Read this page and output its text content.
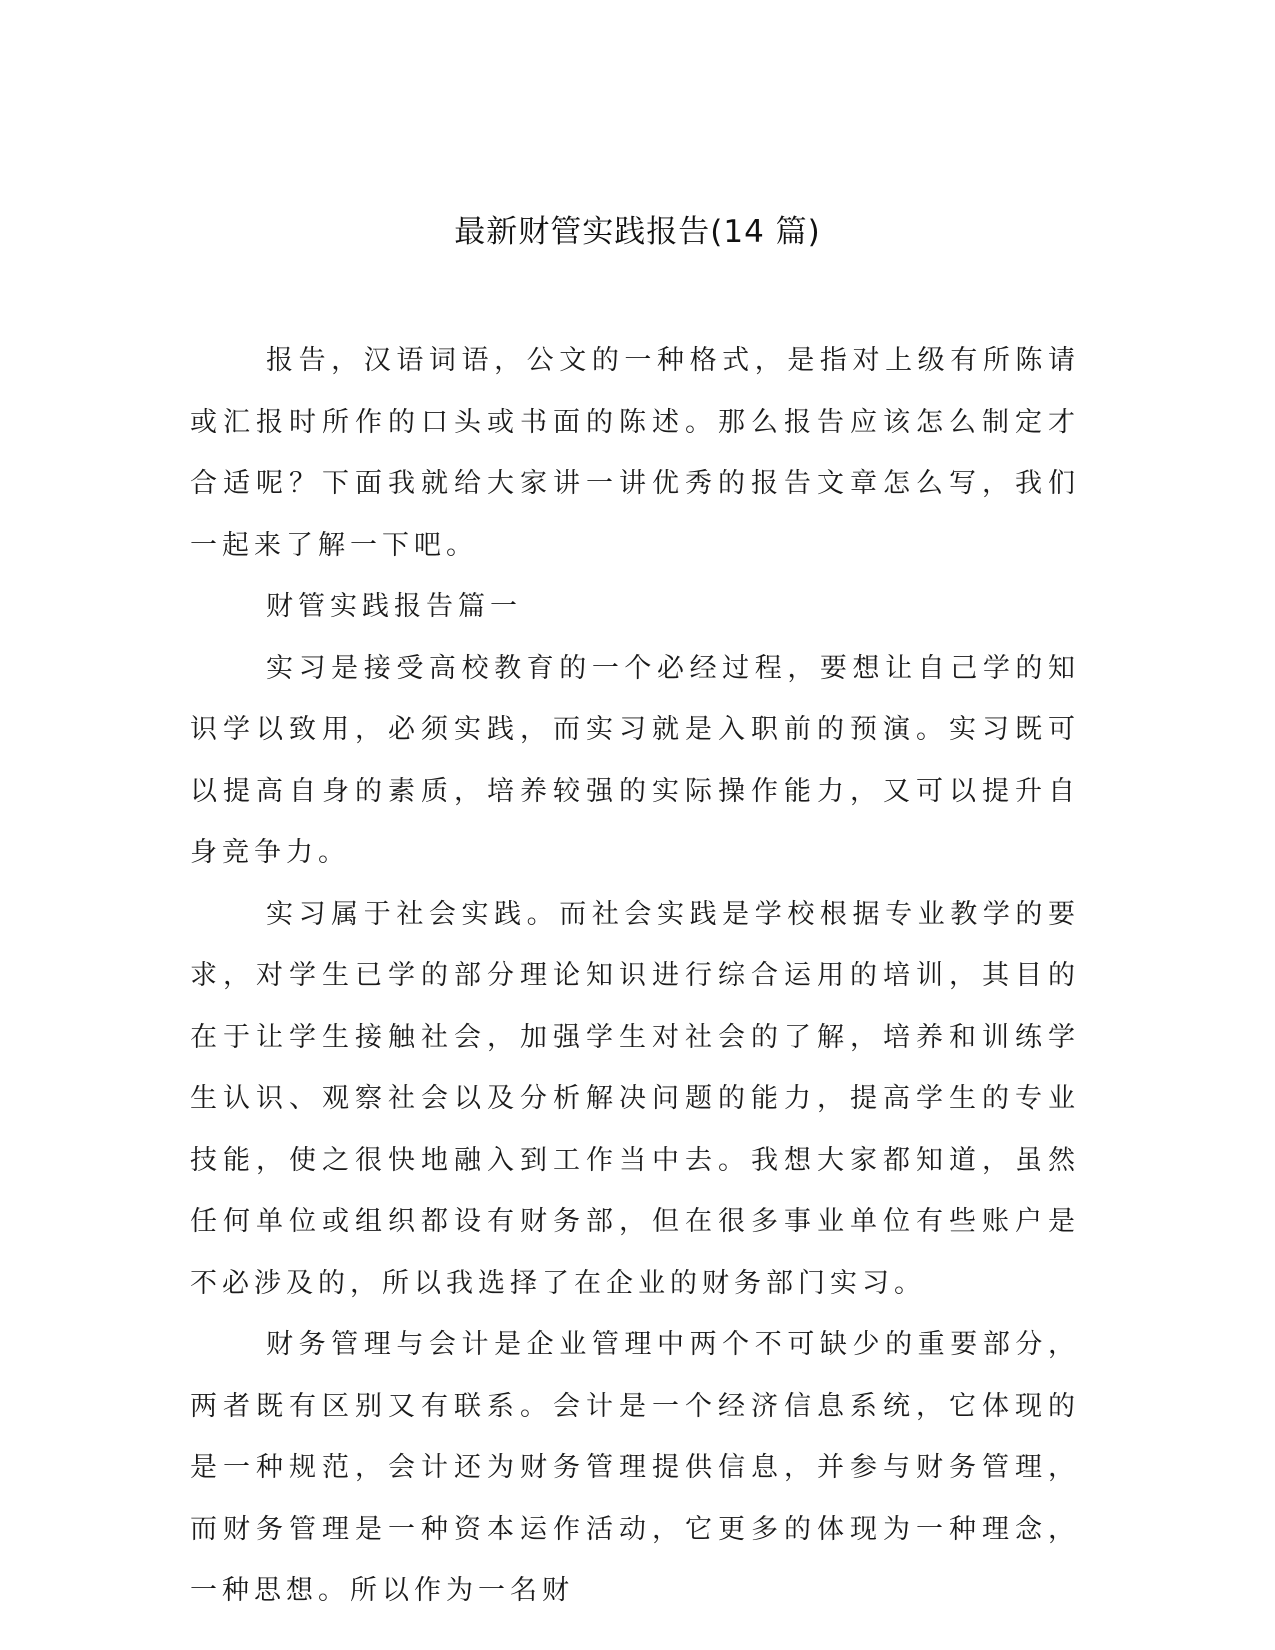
最新财管实践报告(14 篇)

报告，汉语词语，公文的一种格式，是指对上级有所陈请或汇报时所作的口头或书面的陈述。那么报告应该怎么制定才合适呢？下面我就给大家讲一讲优秀的报告文章怎么写，我们一起来了解一下吧。

财管实践报告篇一

实习是接受高校教育的一个必经过程，要想让自己学的知识学以致用，必须实践，而实习就是入职前的预演。实习既可以提高自身的素质，培养较强的实际操作能力，又可以提升自身竞争力。

实习属于社会实践。而社会实践是学校根据专业教学的要求，对学生已学的部分理论知识进行综合运用的培训，其目的在于让学生接触社会，加强学生对社会的了解，培养和训练学生认识、观察社会以及分析解决问题的能力，提高学生的专业技能，使之很快地融入到工作当中去。我想大家都知道，虽然任何单位或组织都设有财务部，但在很多事业单位有些账户是不必涉及的，所以我选择了在企业的财务部门实习。

财务管理与会计是企业管理中两个不可缺少的重要部分，两者既有区别又有联系。会计是一个经济信息系统，它体现的是一种规范，会计还为财务管理提供信息，并参与财务管理，而财务管理是一种资本运作活动，它更多的体现为一种理念，一种思想。所以作为一名财
